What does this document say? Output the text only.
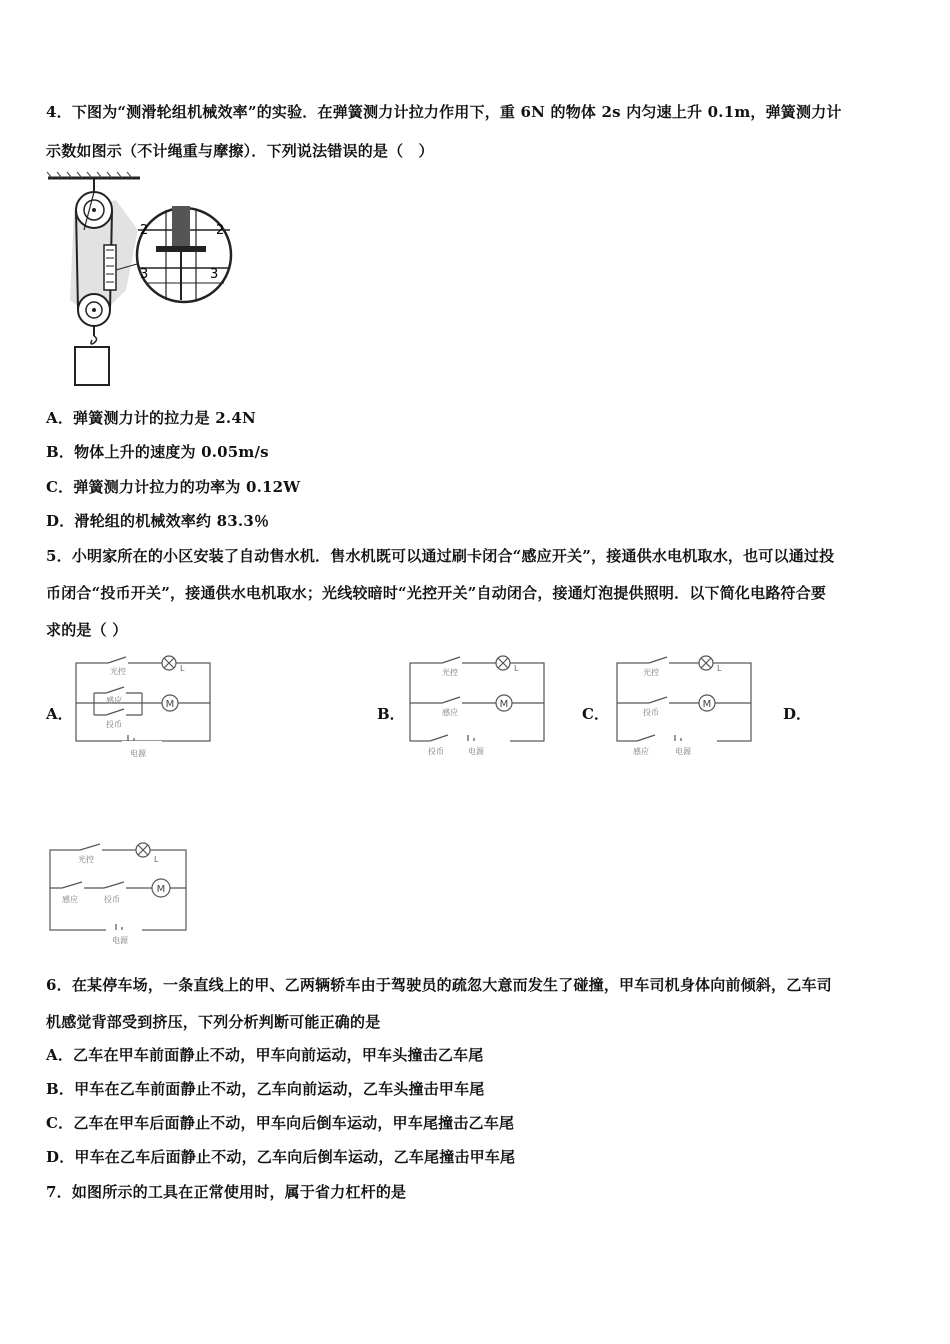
4．下图为“测滑轮组机械效率”的实验．在弹簧测力计拉力作用下，重 6N 的物体 2s 内匀速上升 0.1m，弹簧测力计
示数如图示（不计绳重与摩擦）．下列说法错误的是（　）
2	2
3	3
A．弹簧测力计的拉力是 2.4N
B．物体上升的速度为 0.05m/s
C．弹簧测力计拉力的功率为 0.12W
D．滑轮组的机械效率约 83.3％
5．小明家所在的小区安装了自动售水机．售水机既可以通过刷卡闭合“感应开关”，接通供水电机取水，也可以通过投
币闭合“投币开关”，接通供水电机取水；光线较暗时“光控开关”自动闭合，接通灯泡提供照明．以下简化电路符合要
求的是（ ）
A．	B．	C．	D．
M
L
光控
感应
投币
电源
M
L
光控
感应
投币	电源
M
L
光控
投币
感应	电源
M
L
光控
感应	投币
电源
6．在某停车场，一条直线上的甲、乙两辆轿车由于驾驶员的疏忽大意而发生了碰撞，甲车司机身体向前倾斜，乙车司
机感觉背部受到挤压，下列分析判断可能正确的是
A．乙车在甲车前面静止不动，甲车向前运动，甲车头撞击乙车尾
B．甲车在乙车前面静止不动，乙车向前运动，乙车头撞击甲车尾
C．乙车在甲车后面静止不动，甲车向后倒车运动，甲车尾撞击乙车尾
D．甲车在乙车后面静止不动，乙车向后倒车运动，乙车尾撞击甲车尾
7．如图所示的工具在正常使用时，属于省力杠杆的是
